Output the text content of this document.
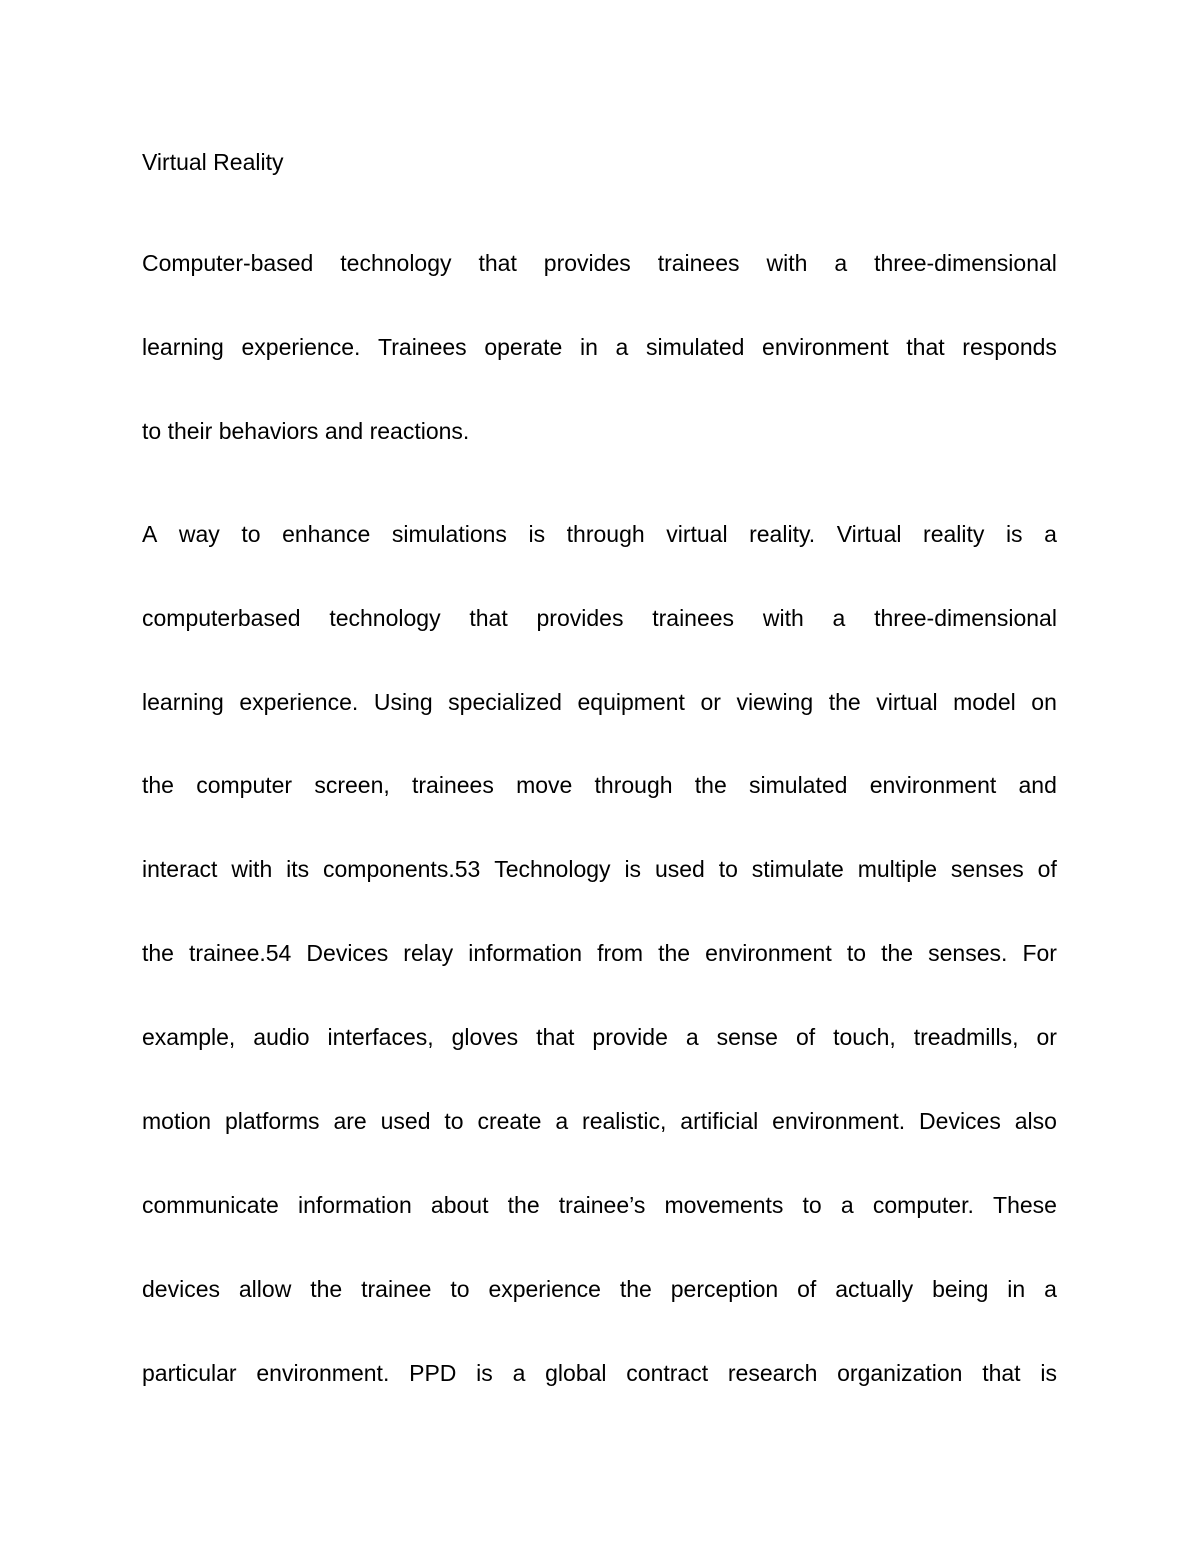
Virtual Reality
Computer-based technology that provides trainees with a three-dimensional
learning experience. Trainees operate in a simulated environment that responds
to their behaviors and reactions.
A way to enhance simulations is through virtual reality. Virtual reality is a
computerbased technology that provides trainees with a three-dimensional
learning experience. Using specialized equipment or viewing the virtual model on
the computer screen, trainees move through the simulated environment and
interact with its components.53 Technology is used to stimulate multiple senses of
the trainee.54 Devices relay information from the environment to the senses. For
example, audio interfaces, gloves that provide a sense of touch, treadmills, or
motion platforms are used to create a realistic, artificial environment. Devices also
communicate information about the trainee’s movements to a computer. These
devices allow the trainee to experience the perception of actually being in a
particular environment. PPD is a global contract research organization that is
